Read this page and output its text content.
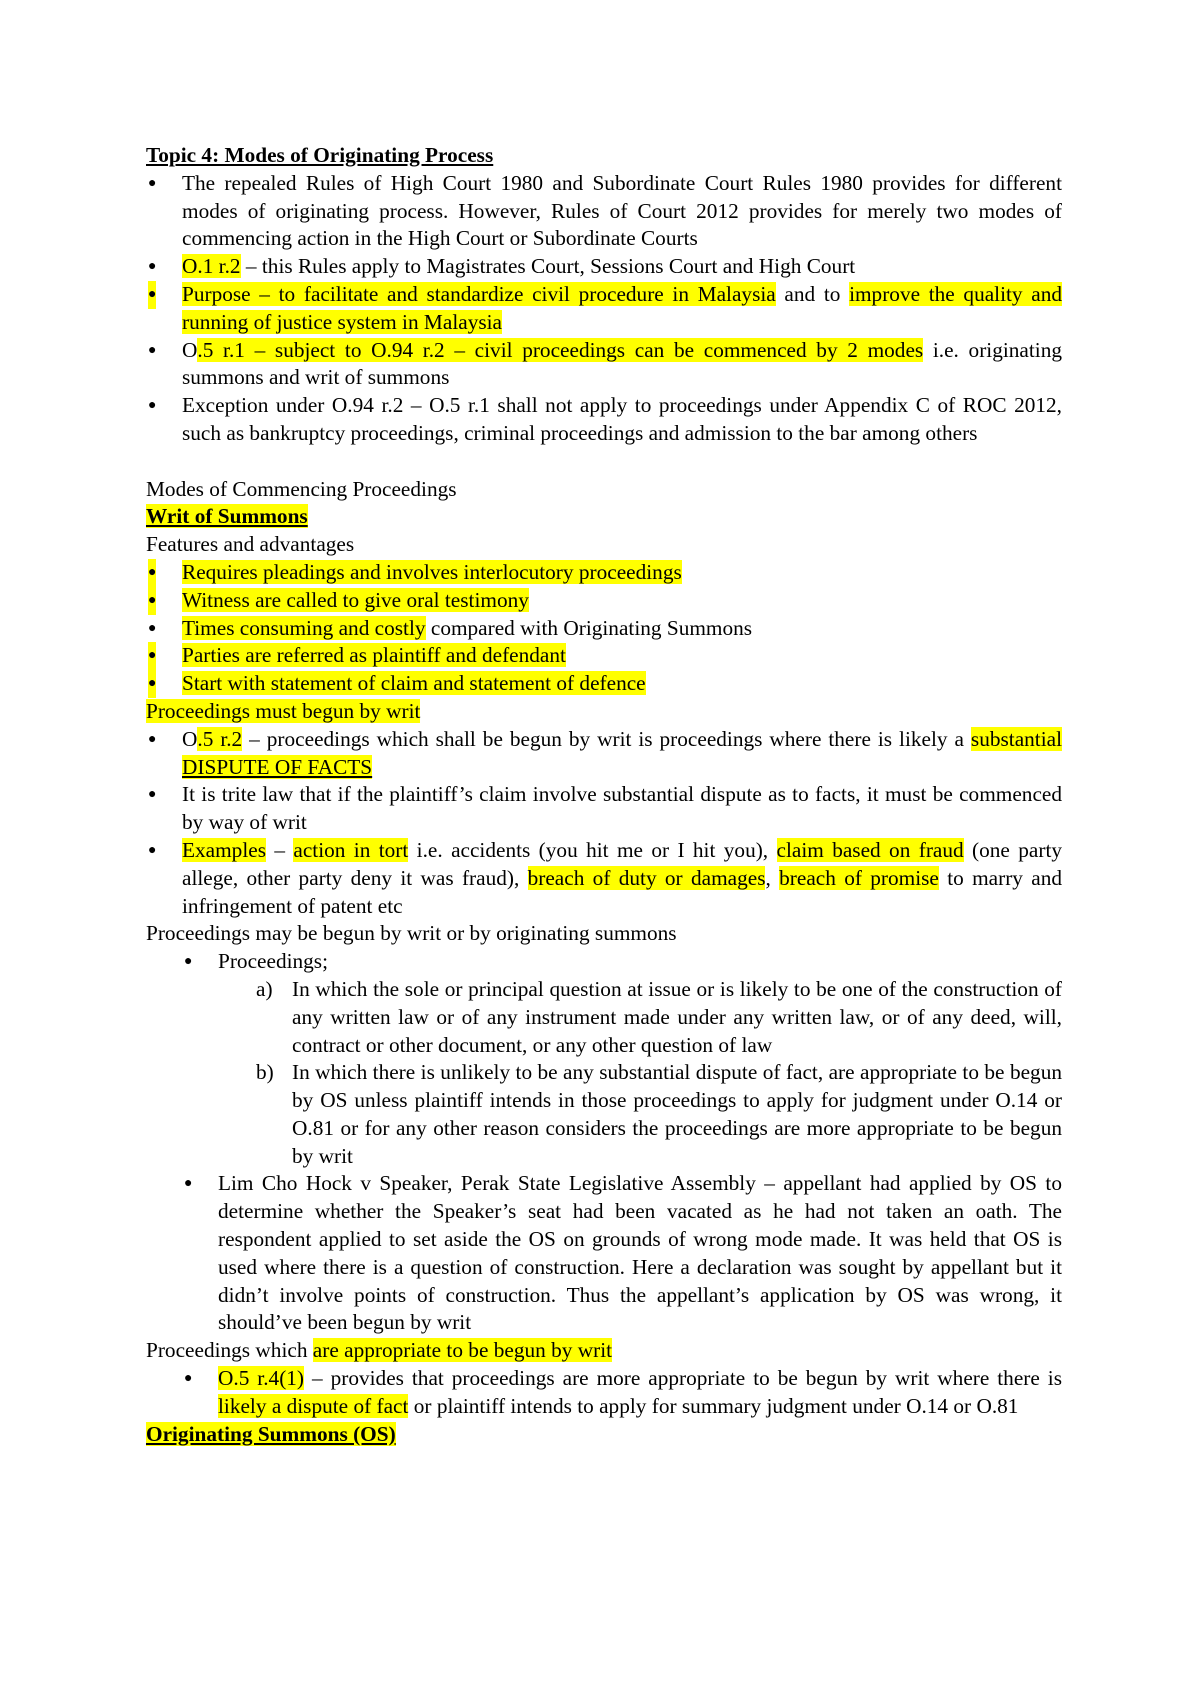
Topic 4: Modes of Originating Process

● The repealed Rules of High Court 1980 and Subordinate Court Rules 1980 provides for different modes of originating process. However, Rules of Court 2012 provides for merely two modes of commencing action in the High Court or Subordinate Courts
● O.1 r.2 – this Rules apply to Magistrates Court, Sessions Court and High Court
● Purpose – to facilitate and standardize civil procedure in Malaysia and to improve the quality and running of justice system in Malaysia
● O.5 r.1 – subject to O.94 r.2 – civil proceedings can be commenced by 2 modes i.e. originating summons and writ of summons
● Exception under O.94 r.2 – O.5 r.1 shall not apply to proceedings under Appendix C of ROC 2012, such as bankruptcy proceedings, criminal proceedings and admission to the bar among others

Modes of Commencing Proceedings

Writ of Summons

Features and advantages

● Requires pleadings and involves interlocutory proceedings
● Witness are called to give oral testimony
● Times consuming and costly compared with Originating Summons
● Parties are referred as plaintiff and defendant
● Start with statement of claim and statement of defence

Proceedings must begun by writ

● O.5 r.2 – proceedings which shall be begun by writ is proceedings where there is likely a substantial DISPUTE OF FACTS
● It is trite law that if the plaintiff’s claim involve substantial dispute as to facts, it must be commenced by way of writ
● Examples – action in tort i.e. accidents (you hit me or I hit you), claim based on fraud (one party allege, other party deny it was fraud), breach of duty or damages, breach of promise to marry and infringement of patent etc

Proceedings may be begun by writ or by originating summons

● Proceedings;
a) In which the sole or principal question at issue or is likely to be one of the construction of any written law or of any instrument made under any written law, or of any deed, will, contract or other document, or any other question of law
b) In which there is unlikely to be any substantial dispute of fact, are appropriate to be begun by OS unless plaintiff intends in those proceedings to apply for judgment under O.14 or O.81 or for any other reason considers the proceedings are more appropriate to be begun by writ
● Lim Cho Hock v Speaker, Perak State Legislative Assembly – appellant had applied by OS to determine whether the Speaker’s seat had been vacated as he had not taken an oath. The respondent applied to set aside the OS on grounds of wrong mode made. It was held that OS is used where there is a question of construction. Here a declaration was sought by appellant but it didn’t involve points of construction. Thus the appellant’s application by OS was wrong, it should’ve been begun by writ

Proceedings which are appropriate to be begun by writ

● O.5 r.4(1) – provides that proceedings are more appropriate to be begun by writ where there is likely a dispute of fact or plaintiff intends to apply for summary judgment under O.14 or O.81

Originating Summons (OS)
